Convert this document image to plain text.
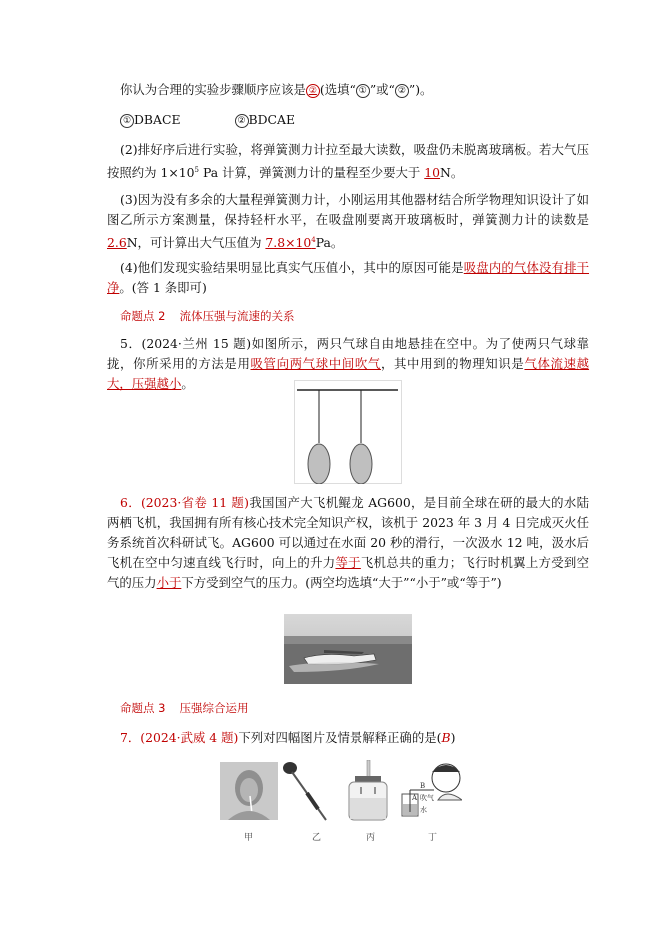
你认为合理的实验步骤顺序应该是 ② (选填“ ① ”或“ ② ”)。

① DBACE	② BDCAE

(2)排好序后进行实验，将弹簧测力计拉至最大读数，吸盘仍未脱离玻璃板。若大气压按照约为 $1\times 10^5$ Pa 计算，弹簧测力计的量程至少要大于 10N。

(3)因为没有多余的大量程弹簧测力计，小刚运用其他器材结合所学物理知识设计了如图乙所示方案测量，保持轻杆水平，在吸盘刚要离开玻璃板时，弹簧测力计的读数是 2.6N，可计算出大气压值为 $7.8\times 10^4Pa$。

(4)他们发现实验结果明显比真实气压值小，其中的原因可能是吸盘内的气体没有排干净。(答 1 条即可)

命题点 2 流体压强与流速的关系

5．(2024·兰州 15 题)如图所示，两只气球自由地悬挂在空中。为了使两只气球靠拢，你所采用的方法是用吸管向两气球中间吹气，其中用到的物理知识是气体流速越大，压强越小。

6．(2023·省卷 11 题)我国国产大飞机鲲龙 AG600，是目前全球在研的最大的水陆两栖飞机，我国拥有所有核心技术完全知识产权，该机于 2023 年 3 月 4 日完成灭火任务系统首次科研试飞。AG600 可以通过在水面 20 秒的滑行，一次汲水 12 吨，汲水后飞机在空中匀速直线飞行时，向上的升力等于飞机总共的重力；飞行时机翼上方受到空气的压力小于下方受到空气的压力。(两空均选填“大于”“小于”或“等于”)

命题点 3 压强综合运用

7．(2024·武威 4 题)下列对四幅图片及情景解释正确的是(B)

B
A 吹气
水
甲	乙	丙	丁
